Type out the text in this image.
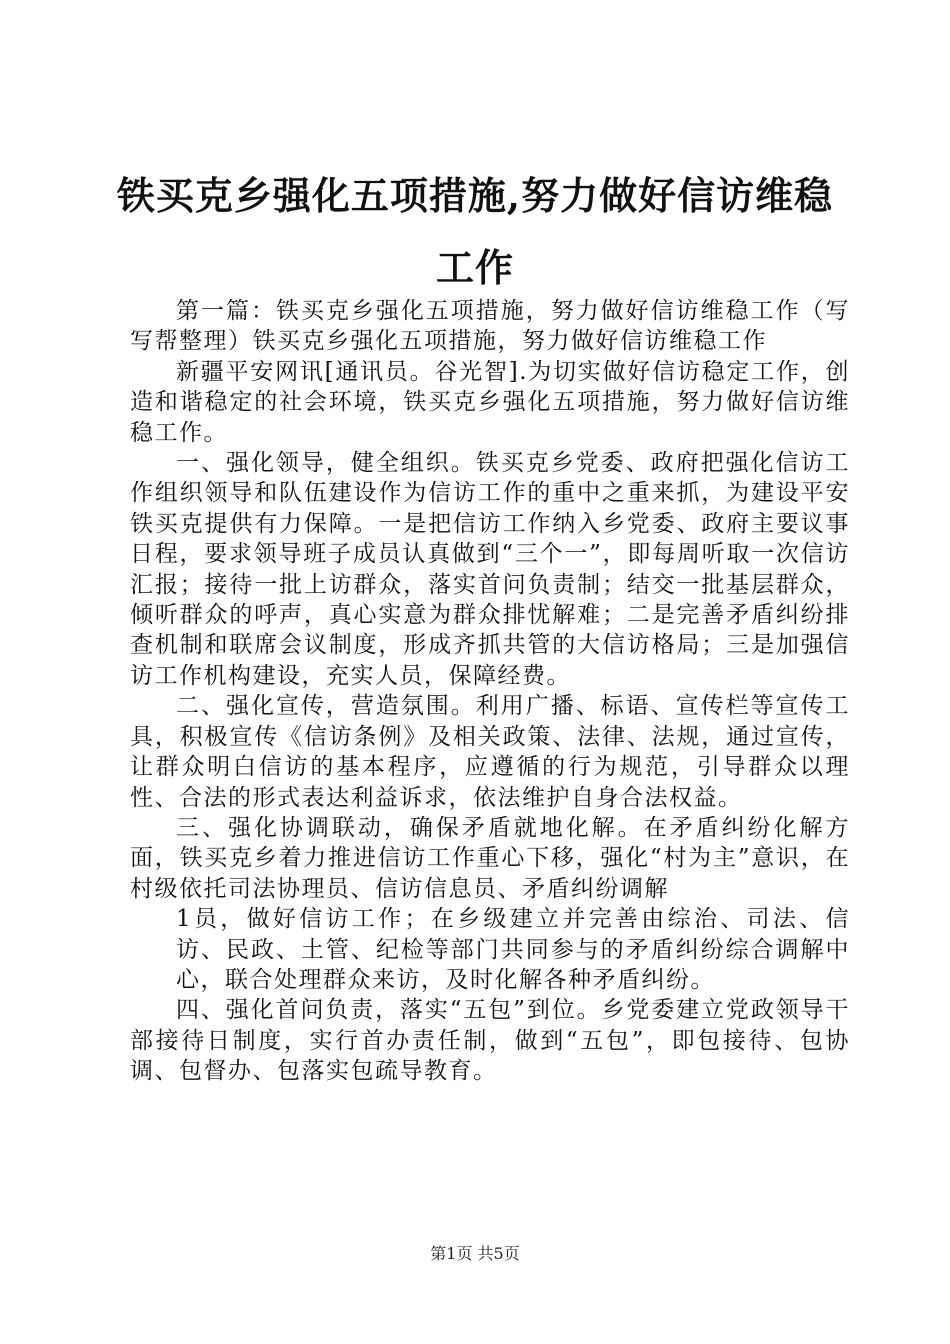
铁买克乡强化五项措施,努力做好信访维稳工作

第一篇：铁买克乡强化五项措施，努力做好信访维稳工作（写写帮整理）铁买克乡强化五项措施，努力做好信访维稳工作

新疆平安网讯[通讯员。谷光智].为切实做好信访稳定工作，创造和谐稳定的社会环境，铁买克乡强化五项措施，努力做好信访维稳工作。

一、强化领导，健全组织。铁买克乡党委、政府把强化信访工作组织领导和队伍建设作为信访工作的重中之重来抓，为建设平安铁买克提供有力保障。一是把信访工作纳入乡党委、政府主要议事日程，要求领导班子成员认真做到“三个一”，即每周听取一次信访汇报；接待一批上访群众，落实首问负责制；结交一批基层群众，倾听群众的呼声，真心实意为群众排忧解难；二是完善矛盾纠纷排查机制和联席会议制度，形成齐抓共管的大信访格局；三是加强信访工作机构建设，充实人员，保障经费。

二、强化宣传，营造氛围。利用广播、标语、宣传栏等宣传工具，积极宣传《信访条例》及相关政策、法律、法规，通过宣传，让群众明白信访的基本程序，应遵循的行为规范，引导群众以理性、合法的形式表达利益诉求，依法维护自身合法权益。

三、强化协调联动，确保矛盾就地化解。在矛盾纠纷化解方面，铁买克乡着力推进信访工作重心下移，强化“村为主”意识，在村级依托司法协理员、信访信息员、矛盾纠纷调解

1员，做好信访工作；在乡级建立并完善由综治、司法、信访、民政、土管、纪检等部门共同参与的矛盾纠纷综合调解中心，联合处理群众来访，及时化解各种矛盾纠纷。

四、强化首问负责，落实“五包”到位。乡党委建立党政领导干部接待日制度，实行首办责任制，做到“五包”，即包接待、包协调、包督办、包落实包疏导教育。

第1页 共5页
